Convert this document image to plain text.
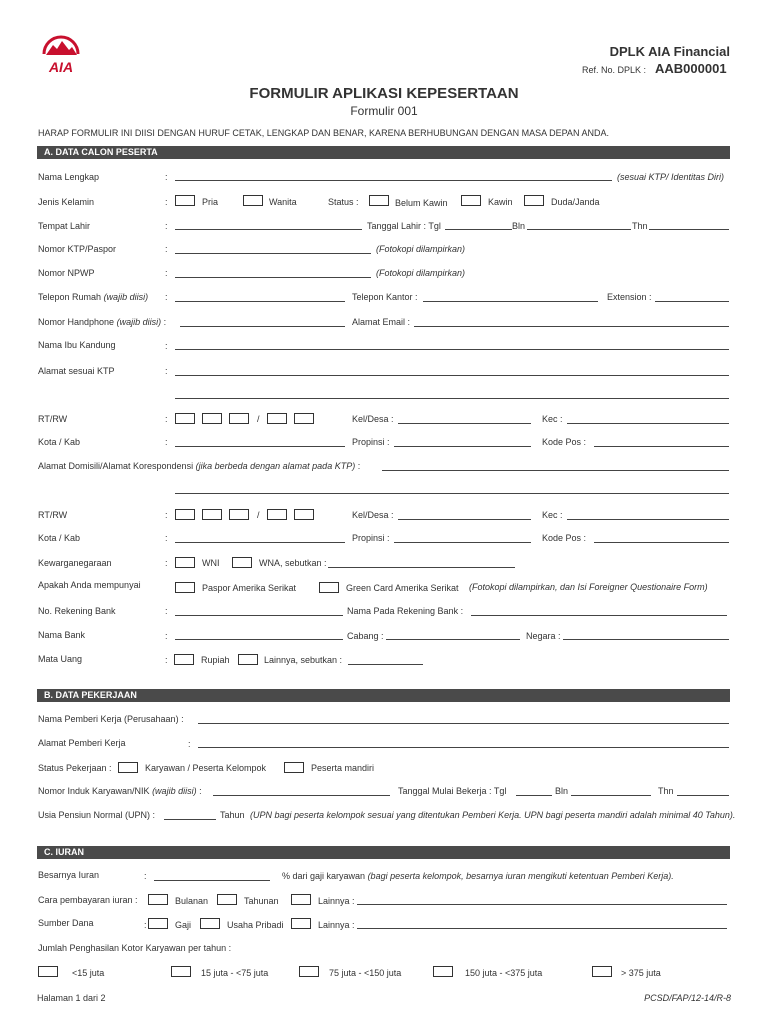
AIA
DPLK AIA Financial
Ref. No. DPLK : AAB000001
FORMULIR APLIKASI KEPESERTAAN
Formulir 001
HARAP FORMULIR INI DIISI DENGAN HURUF CETAK, LENGKAP DAN BENAR, KARENA BERHUBUNGAN DENGAN MASA DEPAN ANDA.
A. DATA CALON PESERTA
Nama Lengkap	:	(sesuai KTP/ Identitas Diri)
Jenis Kelamin	:	Pria	Wanita	Status :	Belum Kawin	Kawin	Duda/Janda
Tempat Lahir	:	Tanggal Lahir : Tgl	Bln	Thn
Nomor KTP/Paspor	:	(Fotokopi dilampirkan)
Nomor NPWP	:	(Fotokopi dilampirkan)
Telepon Rumah (wajib diisi) :	Telepon Kantor :	Extension :
Nomor Handphone (wajib diisi) :	Alamat Email :
Nama Ibu Kandung	:
Alamat sesuai KTP	:
RT/RW	:	/	Kel/Desa :	Kec :
Kota / Kab	:	Propinsi :	Kode Pos :
Alamat Domisili/Alamat Korespondensi (jika berbeda dengan alamat pada KTP) :
RT/RW	:	/	Kel/Desa :	Kec :
Kota / Kab	:	Propinsi :	Kode Pos :
Kewarganegaraan	:	WNI	WNA, sebutkan :
Apakah Anda mempunyai	Paspor Amerika Serikat	Green Card Amerika Serikat (Fotokopi dilampirkan, dan Isi Foreigner Questionaire Form)
No. Rekening Bank	:	Nama Pada Rekening Bank :
Nama Bank	:	Cabang :	Negara :
Mata Uang	:	Rupiah	Lainnya, sebutkan :
B. DATA PEKERJAAN
Nama Pemberi Kerja (Perusahaan) :
Alamat Pemberi Kerja	:
Status Pekerjaan :	Karyawan / Peserta Kelompok	Peserta mandiri
Nomor Induk Karyawan/NIK (wajib diisi) :	Tanggal Mulai Bekerja : Tgl	Bln	Thn
Usia Pensiun Normal (UPN) :	Tahun (UPN bagi peserta kelompok sesuai yang ditentukan Pemberi Kerja. UPN bagi peserta mandiri adalah minimal 40 Tahun).
C. IURAN
Besarnya Iuran	:	% dari gaji karyawan (bagi peserta kelompok, besarnya iuran mengikuti ketentuan Pemberi Kerja).
Cara pembayaran iuran :	Bulanan	Tahunan	Lainnya :
Sumber Dana	:	Gaji	Usaha Pribadi	Lainnya :
Jumlah Penghasilan Kotor Karyawan per tahun :
<15 juta	15 juta - <75 juta	75 juta - <150 juta	150 juta - <375 juta	> 375 juta
Halaman 1 dari 2	PCSD/FAP/12-14/R-8
